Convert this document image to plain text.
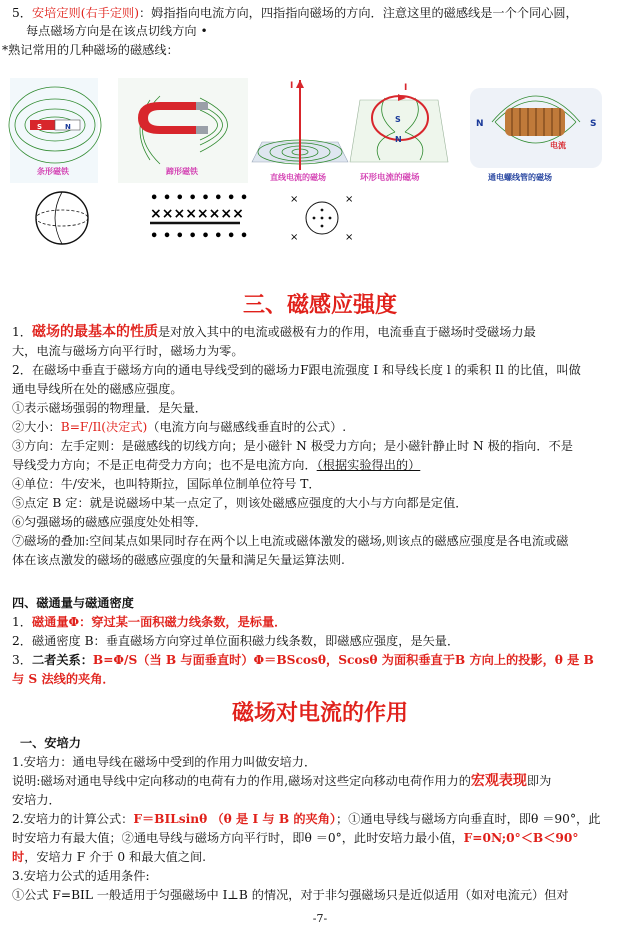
5．安培定则(右手定则)：姆指指向电流方向，四指指向磁场的方向．注意这里的磁感线是一个个同心圆，
每点磁场方向是在该点切线方向 •
*熟记常用的几种磁场的磁感线：
S	N
条形磁铁	蹄形磁铁
I
直线电流的磁场
I
S
N
环形电流的磁场
N	S
电流
通电螺线管的磁场
• • • • • • • •
××××××××
• • • • • • • •
×	×
×	×
三、磁感应强度
1．磁场的最基本的性质是对放入其中的电流或磁极有力的作用，电流垂直于磁场时受磁场力最
大，电流与磁场方向平行时，磁场力为零。
2．在磁场中垂直于磁场方向的通电导线受到的磁场力F跟电流强度 I 和导线长度 l 的乘积 Il 的比值，叫做
通电导线所在处的磁感应强度。
①表示磁场强弱的物理量．是矢量．
②大小：B=F/Il(决定式)（电流方向与磁感线垂直时的公式）.
③方向：左手定则：是磁感线的切线方向；是小磁针 N 极受力方向；是小磁针静止时 N 极的指向．不是
导线受力方向；不是正电荷受力方向；也不是电流方向．（根据实验得出的）
④单位：牛/安米，也叫特斯拉，国际单位制单位符号 T．
⑤点定 B 定：就是说磁场中某一点定了，则该处磁感应强度的大小与方向都是定值．
⑥匀强磁场的磁感应强度处处相等．
⑦磁场的叠加:空间某点如果同时存在两个以上电流或磁体激发的磁场,则该点的磁感应强度是各电流或磁
体在该点激发的磁场的磁感应强度的矢量和满足矢量运算法则.
四、磁通量与磁通密度
1．磁通量Φ：穿过某一面积磁力线条数，是标量．
2．磁通密度 B：垂直磁场方向穿过单位面积磁力线条数，即磁感应强度，是矢量．
3．二者关系：B=Φ/S（当 B 与面垂直时）Φ＝BScosθ，Scosθ 为面积垂直于B 方向上的投影，θ 是 B
与 S 法线的夹角．
磁场对电流的作用
一、安培力
1.安培力：通电导线在磁场中受到的作用力叫做安培力．
说明:磁场对通电导线中定向移动的电荷有力的作用,磁场对这些定向移动电荷作用力的宏观表现即为
安培力．
2.安培力的计算公式：F＝BILsinθ （θ 是 I 与 B 的夹角）；①通电导线与磁场方向垂直时，即θ ＝90°，此
时安培力有最大值；②通电导线与磁场方向平行时，即θ ＝0°，此时安培力最小值，F=0N;0°＜B＜90°
时，安培力 F 介于 0 和最大值之间.
3.安培力公式的适用条件:
①公式 F=BIL 一般适用于匀强磁场中 I⊥B 的情况，对于非匀强磁场只是近似适用（如对电流元）但对
-7-
